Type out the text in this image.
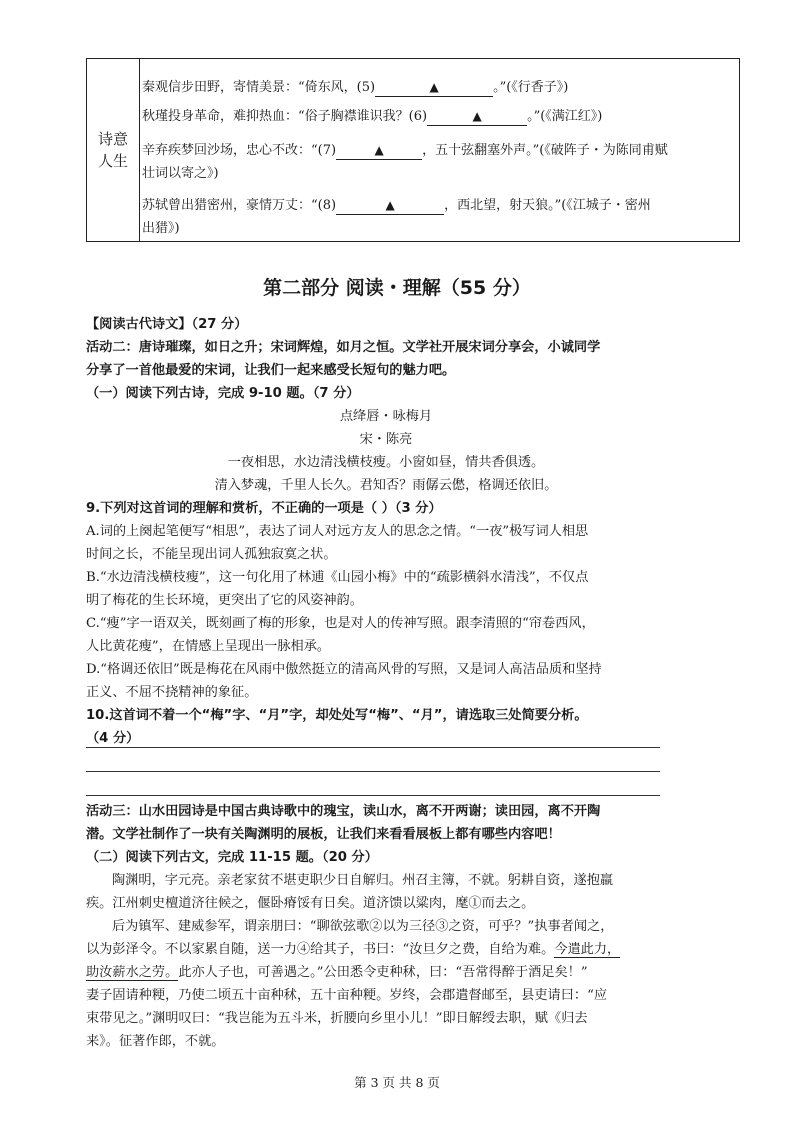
诗意
人生
秦观信步田野，寄情美景：“倚东风，(5)	▲	。”(《行香子》)
秋瑾投身革命，难抑热血：“俗子胸襟谁识我？(6)	▲	。”(《满江红》)
辛弃疾梦回沙场，忠心不改：“(7)	▲	，五十弦翻塞外声。”(《破阵子・为陈同甫赋
壮词以寄之》)
苏轼曾出猎密州，豪情万丈：“(8)	▲	，西北望，射天狼。”(《江城子・密州
出猎》)
第二部分 阅读・理解（55 分）
【阅读古代诗文】（27 分）
活动二：唐诗璀璨，如日之升；宋词辉煌，如月之恒。文学社开展宋词分享会，小诚同学
分享了一首他最爱的宋词，让我们一起来感受长短句的魅力吧。
（一）阅读下列古诗，完成 9-10 题。（7 分）
点绛唇・咏梅月
宋・陈亮
一夜相思，水边清浅横枝瘦。小窗如昼，情共香俱透。
清入梦魂，千里人长久。君知否？雨僝云僽，格调还依旧。
9.下列对这首词的理解和赏析，不正确的一项是（ ）（3 分）
A.词的上阕起笔便写“相思”，表达了词人对远方友人的思念之情。“一夜”极写词人相思
时间之长，不能呈现出词人孤独寂寞之状。
B.“水边清浅横枝瘦”，这一句化用了林逋《山园小梅》中的“疏影横斜水清浅”，不仅点
明了梅花的生长环境，更突出了它的风姿神韵。
C.“瘦”字一语双关，既刻画了梅的形象，也是对人的传神写照。跟李清照的“帘卷西风，
人比黄花瘦”，在情感上呈现出一脉相承。
D.“格调还依旧”既是梅花在风雨中傲然挺立的清高风骨的写照，又是词人高洁品质和坚持
正义、不屈不挠精神的象征。
10.这首词不着一个“梅”字、“月”字，却处处写“梅”、“月”，请选取三处简要分析。
（4 分）
活动三：山水田园诗是中国古典诗歌中的瑰宝，读山水，离不开两谢；读田园，离不开陶
潜。文学社制作了一块有关陶渊明的展板，让我们来看看展板上都有哪些内容吧！
（二）阅读下列古文，完成 11-15 题。（20 分）
陶渊明，字元亮。亲老家贫不堪吏职少日自解归。州召主簿，不就。躬耕自资，遂抱羸
疾。江州刺史檀道济往候之，偃卧瘠馁有日矣。道济馈以粱肉，麾①而去之。
后为镇军、建威参军，谓亲朋曰：“聊欲弦歌②以为三径③之资，可乎？”执事者闻之，
以为彭泽令。不以家累自随，送一力④给其子，书曰：“汝旦夕之费，自给为难。今遣此力，
助汝薪水之劳。此亦人子也，可善遇之。”公田悉令吏种秫，曰：“吾常得醉于酒足矣！”
妻子固请种粳，乃使二顷五十亩种秫，五十亩种粳。岁终，会郡遣督邮至，县吏请曰：“应
束带见之。”渊明叹曰：“我岂能为五斗米，折腰向乡里小儿！”即日解绶去职，赋《归去
来》。征著作郎，不就。
第 3 页 共 8 页
